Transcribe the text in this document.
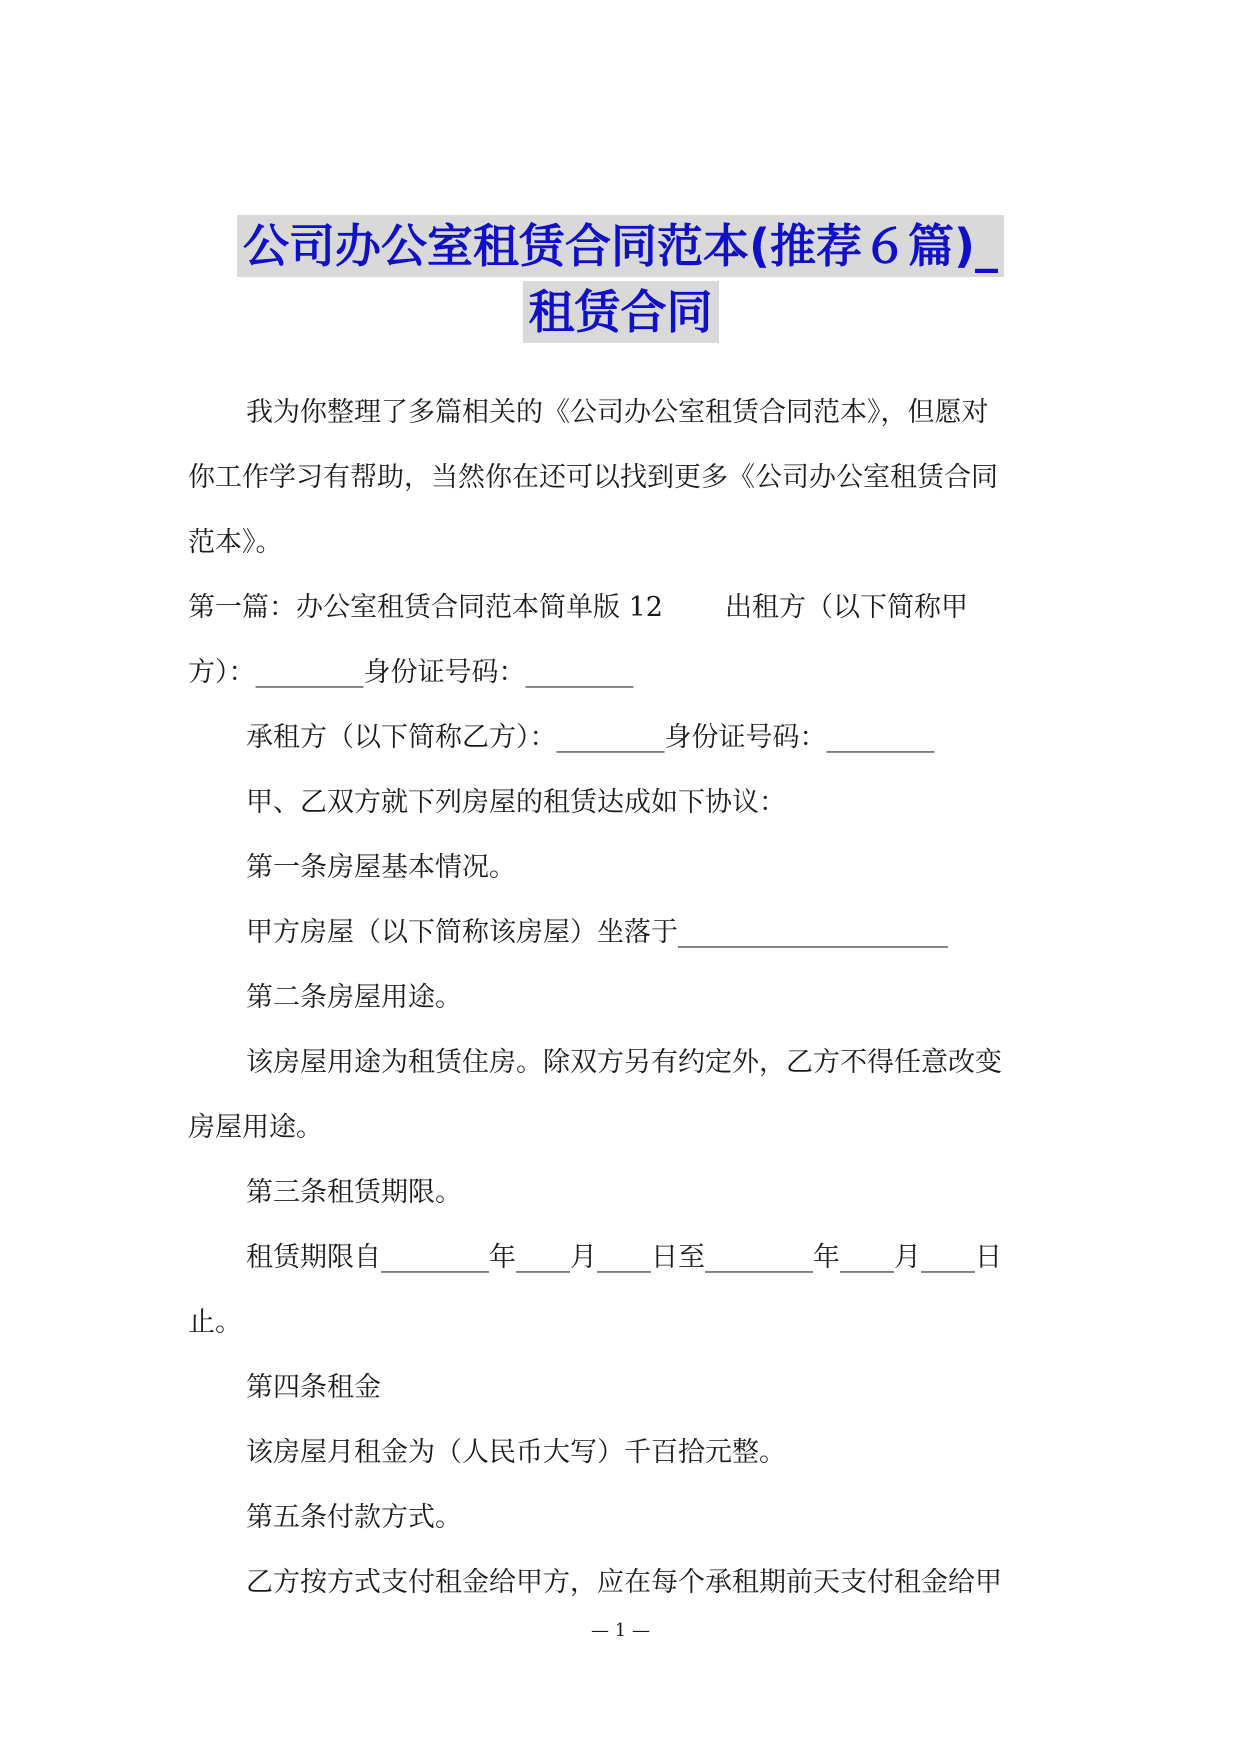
公司办公室租赁合同范本(推荐６篇)_
租赁合同

我为你整理了多篇相关的《公司办公室租赁合同范本》，但愿对

你工作学习有帮助，当然你在还可以找到更多《公司办公室租赁合同

范本》。

第一篇：办公室租赁合同范本简单版 12 出租方（以下简称甲

方）：________身份证号码：________

承租方（以下简称乙方）：________身份证号码：________

甲、乙双方就下列房屋的租赁达成如下协议：

第一条房屋基本情况。

甲方房屋（以下简称该房屋）坐落于____________________

第二条房屋用途。

该房屋用途为租赁住房。除双方另有约定外，乙方不得任意改变

房屋用途。

第三条租赁期限。

租赁期限自________年____月____日至________年____月____日

止。

第四条租金

该房屋月租金为（人民币大写）千百拾元整。

第五条付款方式。

乙方按方式支付租金给甲方，应在每个承租期前天支付租金给甲

— 1 —
